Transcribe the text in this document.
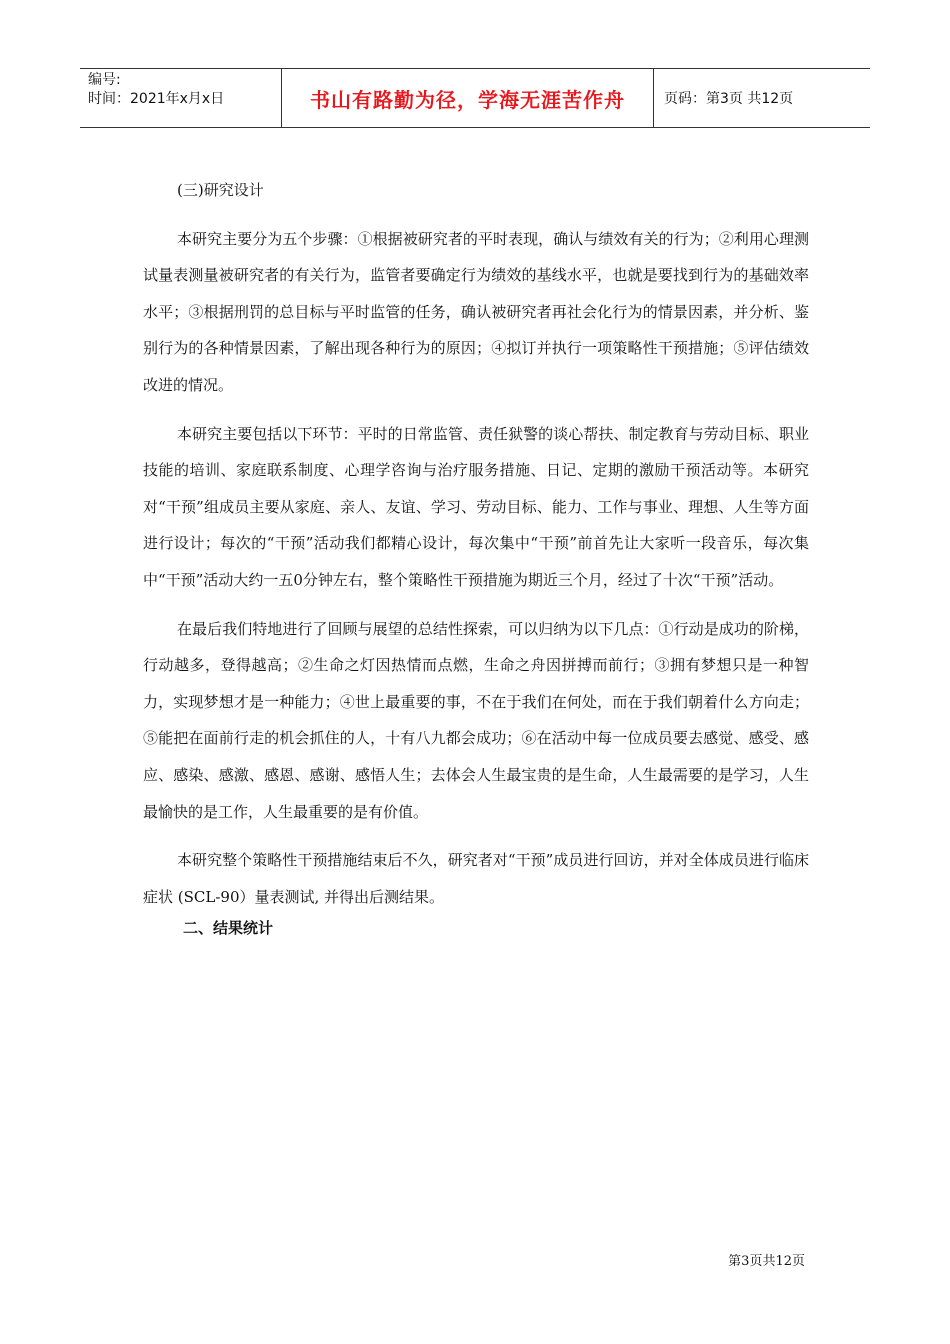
编号:
时间：2021年x月x日	书山有路勤为径，学海无涯苦作舟	页码：第3页 共12页

(三)研究设计

本研究主要分为五个步骤：①根据被研究者的平时表现，确认与绩效有关的行为；②利用心理测试量表测量被研究者的有关行为，监管者要确定行为绩效的基线水平，也就是要找到行为的基础效率水平；③根据刑罚的总目标与平时监管的任务，确认被研究者再社会化行为的情景因素，并分析、鉴别行为的各种情景因素，了解出现各种行为的原因；④拟订并执行一项策略性干预措施；⑤评估绩效改进的情况。

本研究主要包括以下环节：平时的日常监管、责任狱警的谈心帮扶、制定教育与劳动目标、职业技能的培训、家庭联系制度、心理学咨询与治疗服务措施、日记、定期的激励干预活动等。本研究对“干预”组成员主要从家庭、亲人、友谊、学习、劳动目标、能力、工作与事业、理想、人生等方面进行设计；每次的“干预”活动我们都精心设计，每次集中“干预”前首先让大家听一段音乐，每次集中“干预”活动大约一五0分钟左右，整个策略性干预措施为期近三个月，经过了十次“干预”活动。

在最后我们特地进行了回顾与展望的总结性探索，可以归纳为以下几点：①行动是成功的阶梯，行动越多，登得越高；②生命之灯因热情而点燃，生命之舟因拼搏而前行；③拥有梦想只是一种智力，实现梦想才是一种能力；④世上最重要的事，不在于我们在何处，而在于我们朝着什么方向走；⑤能把在面前行走的机会抓住的人，十有八九都会成功；⑥在活动中每一位成员要去感觉、感受、感应、感染、感激、感恩、感谢、感悟人生；去体会人生最宝贵的是生命，人生最需要的是学习，人生最愉快的是工作，人生最重要的是有价值。

本研究整个策略性干预措施结束后不久，研究者对“干预”成员进行回访，并对全体成员进行临床症状 (SCL-90）量表测试, 并得出后测结果。

二、结果统计
第3页共12页
